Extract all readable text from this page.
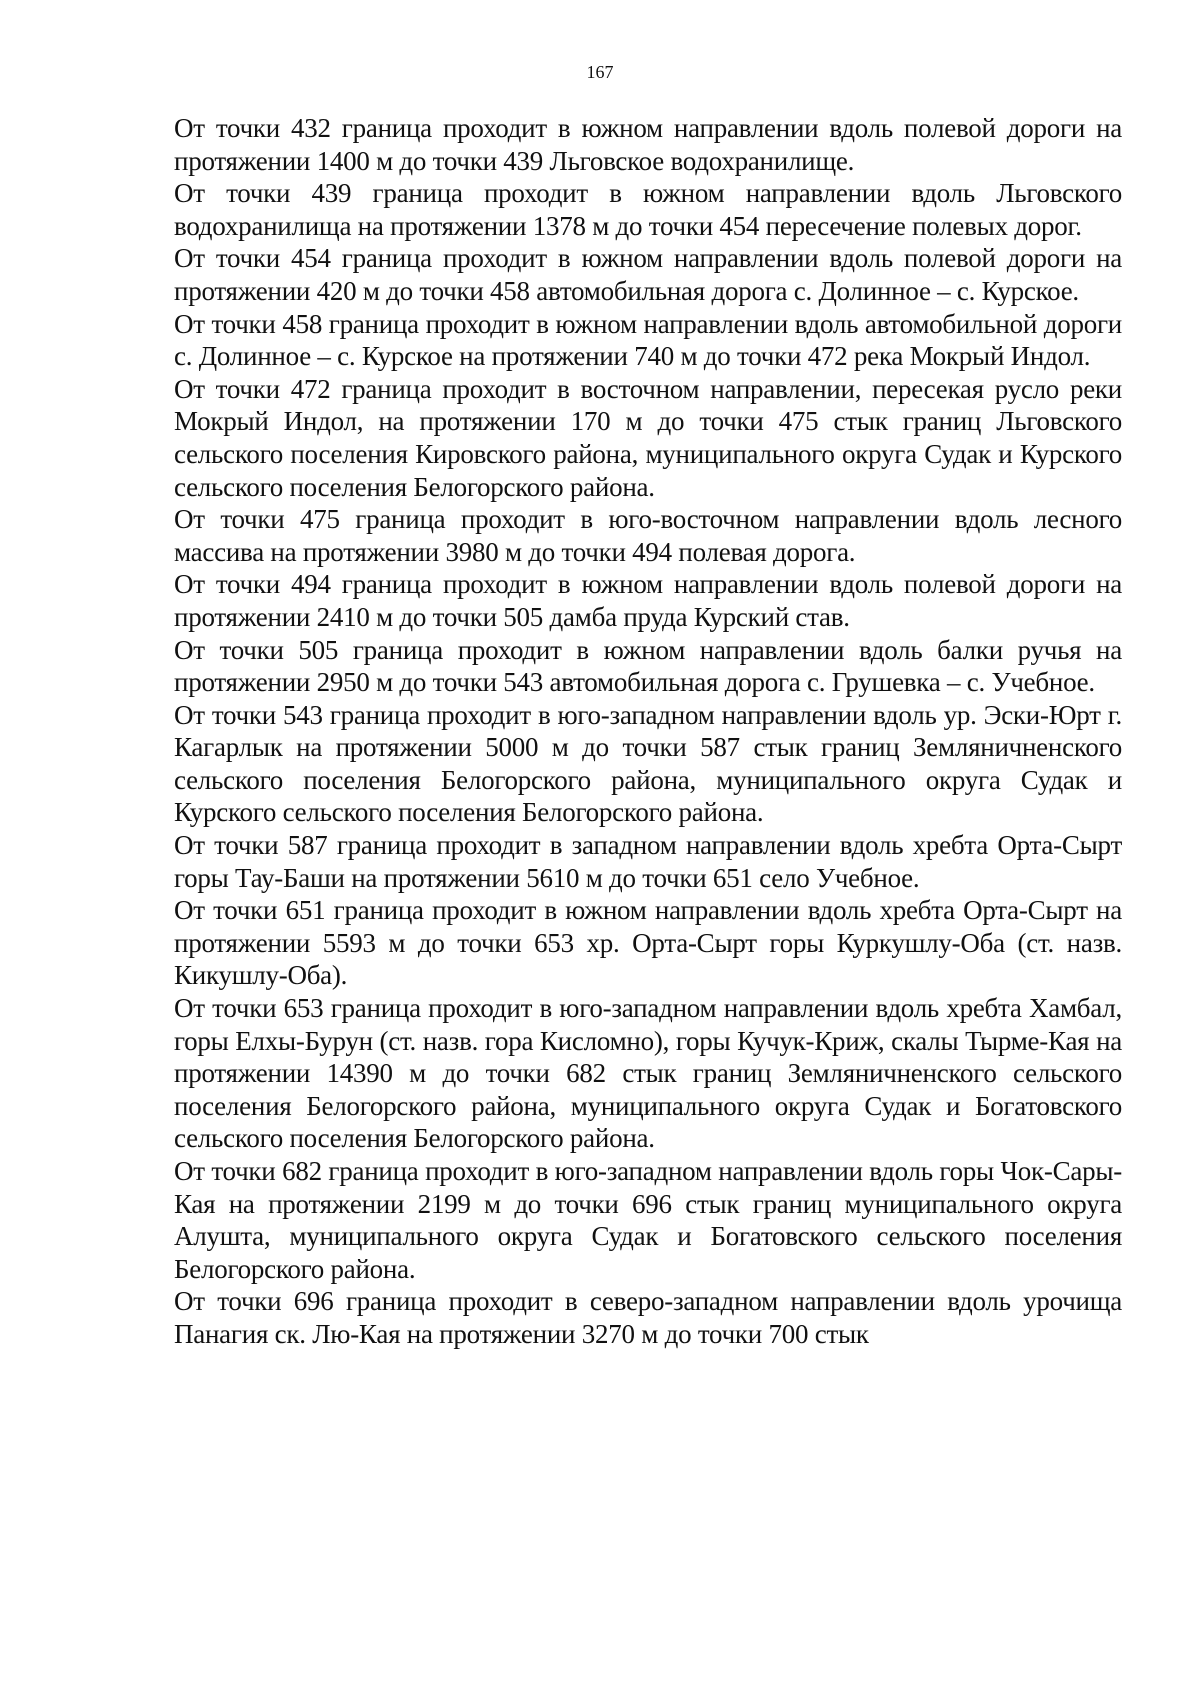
167

От точки 432 граница проходит в южном направлении вдоль полевой дороги на протяжении 1400 м до точки 439 Льговское водохранилище.

От точки 439 граница проходит в южном направлении вдоль Льговского водохранилища на протяжении 1378 м до точки 454 пересечение полевых дорог.

От точки 454 граница проходит в южном направлении вдоль полевой дороги на протяжении 420 м до точки 458 автомобильная дорога с. Долинное – с. Курское.

От точки 458 граница проходит в южном направлении вдоль автомобильной дороги с. Долинное – с. Курское на протяжении 740 м до точки 472 река Мокрый Индол.

От точки 472 граница проходит в восточном направлении, пересекая русло реки Мокрый Индол, на протяжении 170 м до точки 475 стык границ Льговского сельского поселения Кировского района, муниципального округа Судак и Курского сельского поселения Белогорского района.

От точки 475 граница проходит в юго-восточном направлении вдоль лесного массива на протяжении 3980 м до точки 494 полевая дорога.

От точки 494 граница проходит в южном направлении вдоль полевой дороги на протяжении 2410 м до точки 505 дамба пруда Курский став.

От точки 505 граница проходит в южном направлении вдоль балки ручья на протяжении 2950 м до точки 543 автомобильная дорога с. Грушевка – с. Учебное.

От точки 543 граница проходит в юго-западном направлении вдоль ур. Эски-Юрт г. Кагарлык на протяжении 5000 м до точки 587 стык границ Земляничненского сельского поселения Белогорского района, муниципального округа Судак и Курского сельского поселения Белогорского района.

От точки 587 граница проходит в западном направлении вдоль хребта Орта-Сырт горы Тау-Баши на протяжении 5610 м до точки 651 село Учебное.

От точки 651 граница проходит в южном направлении вдоль хребта Орта-Сырт на протяжении 5593 м до точки 653 хр. Орта-Сырт горы Куркушлу-Оба (ст. назв. Кикушлу-Оба).

От точки 653 граница проходит в юго-западном направлении вдоль хребта Хамбал, горы Елхы-Бурун (ст. назв. гора Кисломно), горы Кучук-Криж, скалы Тырме-Кая на протяжении 14390 м до точки 682 стык границ Земляничненского сельского поселения Белогорского района, муниципального округа Судак и Богатовского сельского поселения Белогорского района.

От точки 682 граница проходит в юго-западном направлении вдоль горы Чок-Сары-Кая на протяжении 2199 м до точки 696 стык границ муниципального округа Алушта, муниципального округа Судак и Богатовского сельского поселения Белогорского района.

От точки 696 граница проходит в северо-западном направлении вдоль урочища Панагия ск. Лю-Кая на протяжении 3270 м до точки 700 стык
